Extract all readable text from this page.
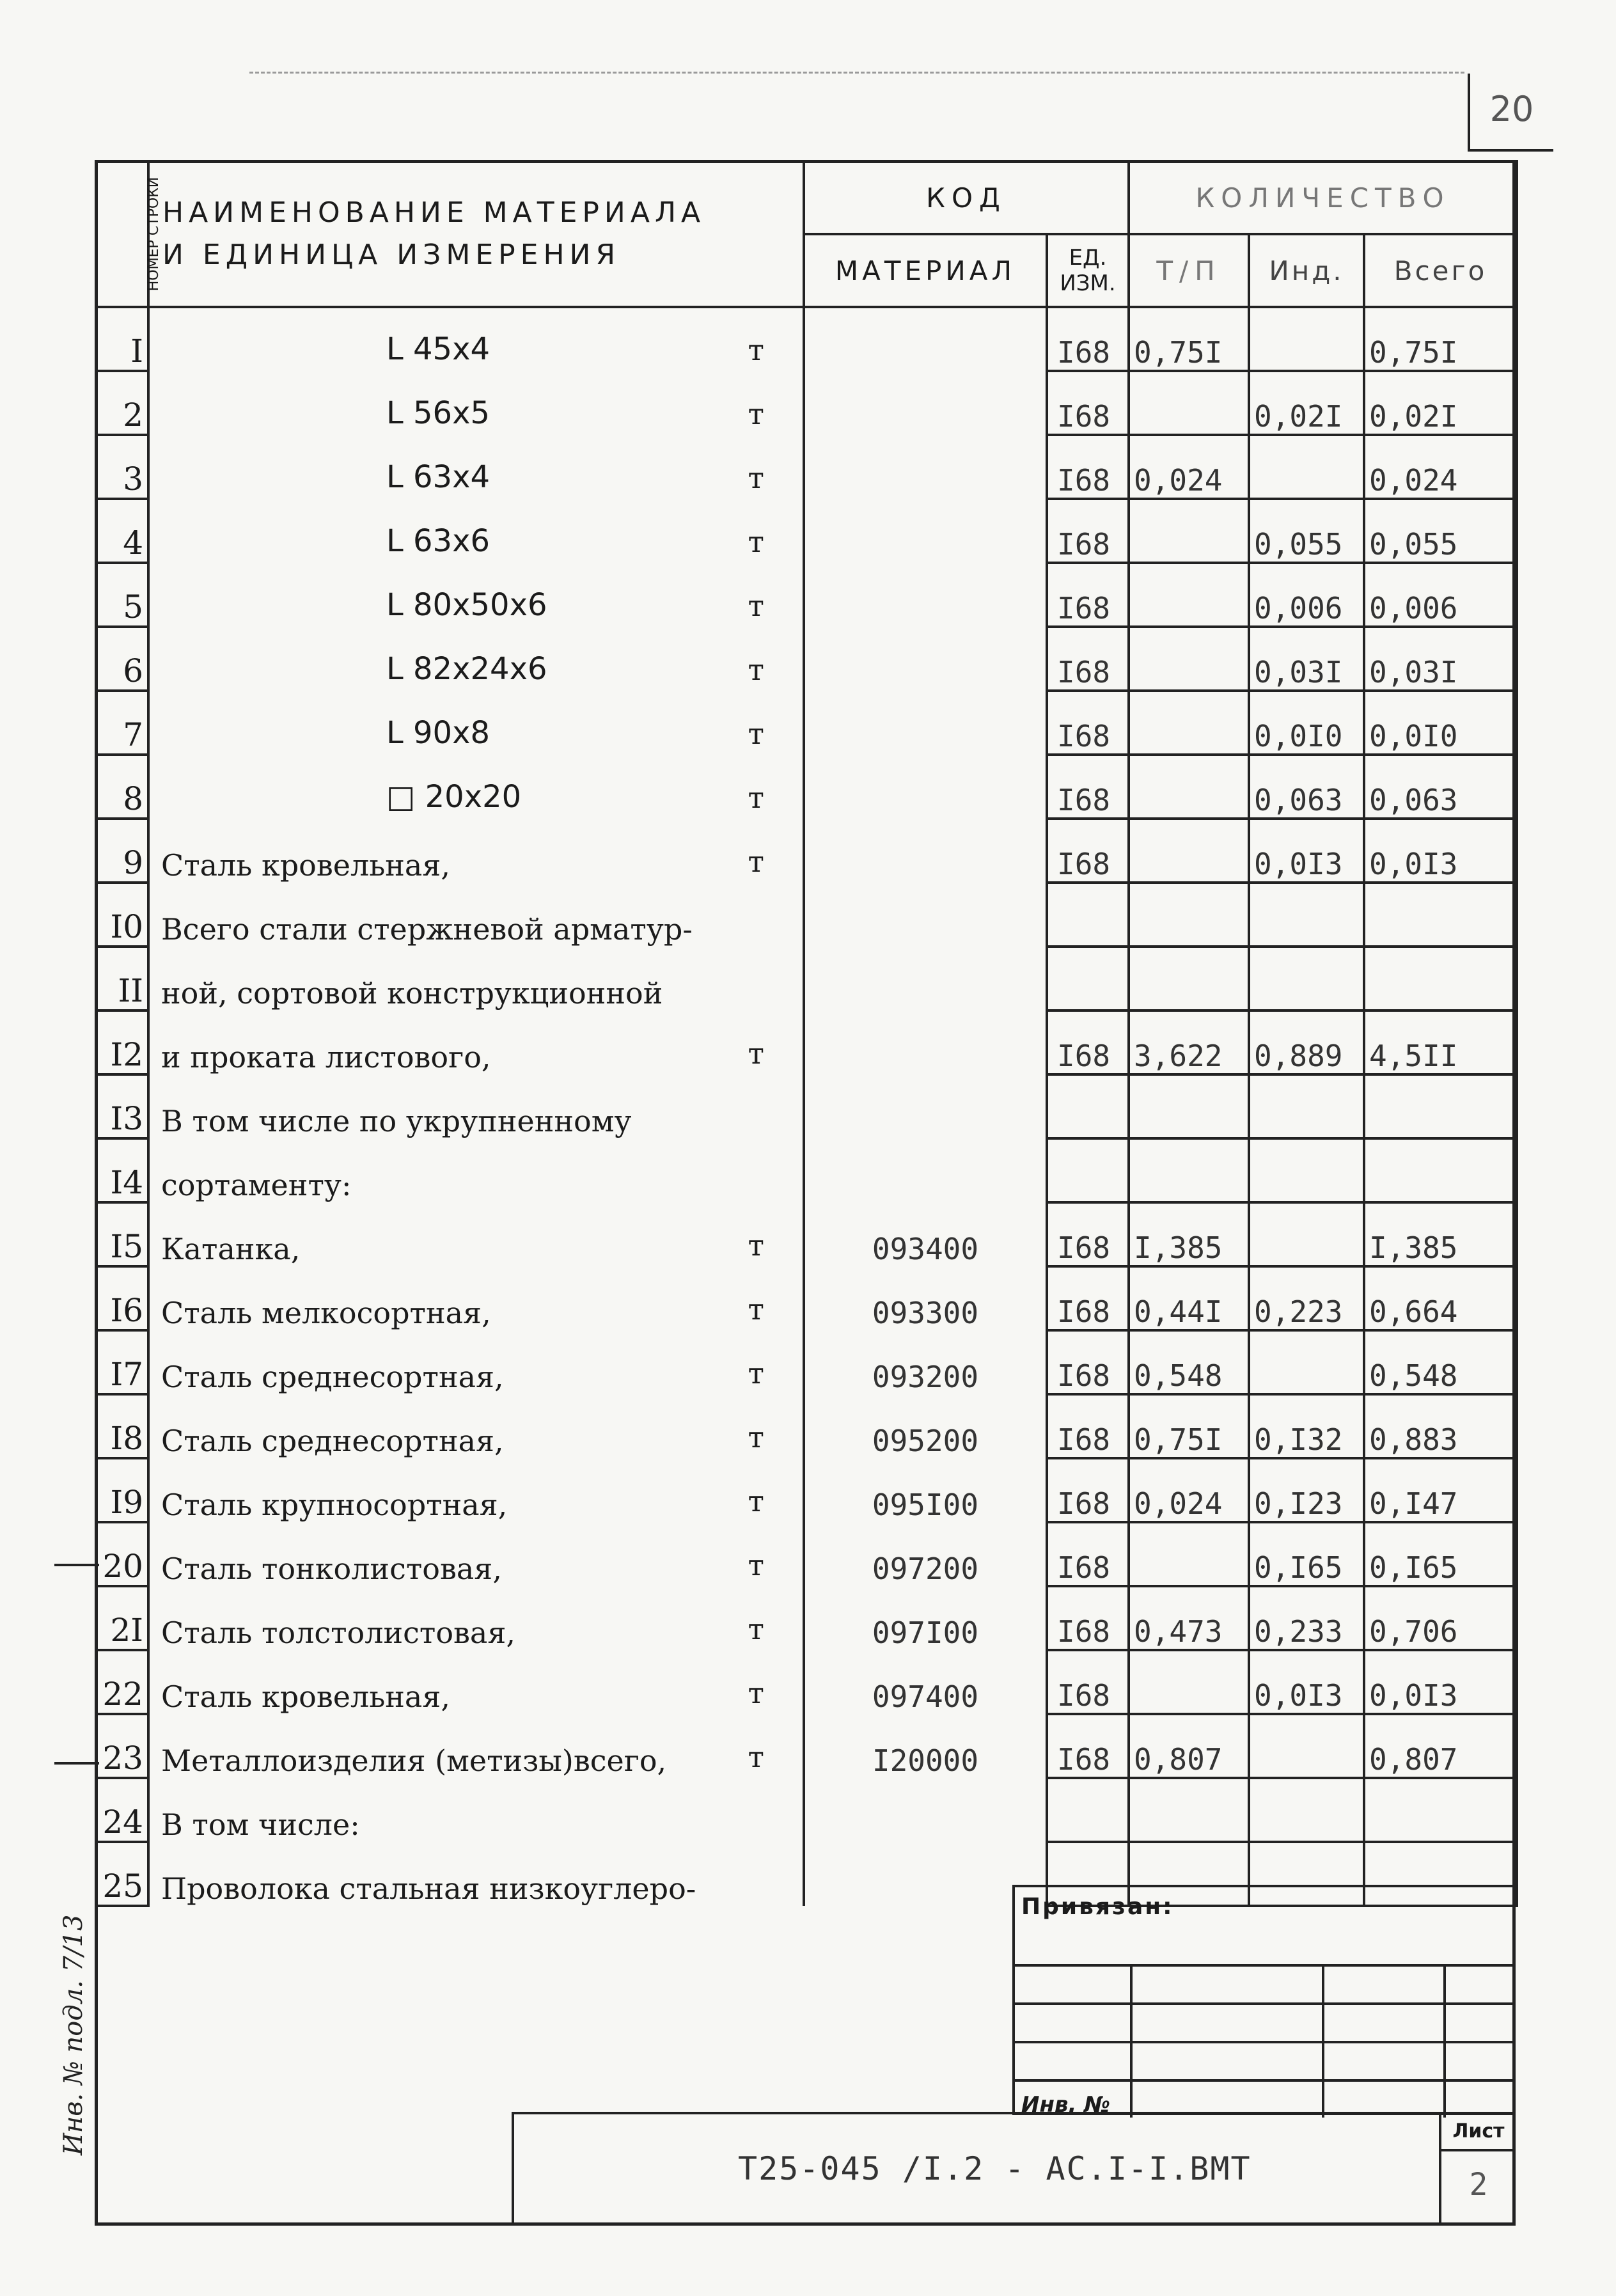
20
НОМЕР СТРОКИ	НАИМЕНОВАНИЕ МАТЕРИАЛА
И ЕДИНИЦА ИЗМЕРЕНИЯ	КОД		КОЛИЧЕСТВО		
		МАТЕРИАЛ	ЕД.
ИЗМ.	Т/П	Инд.	Всего
I	L 45x4 т		I68	0,75I		0,75I
2	L 56x5 т		I68		0,02I	0,02I
3	L 63x4 т		I68	0,024		0,024
4	L 63x6 т		I68		0,055	0,055
5	L 80x50x6 т		I68		0,006	0,006
6	L 82x24x6 т		I68		0,03I	0,03I
7	L 90x8 т		I68		0,0I0	0,0I0
8	□ 20x20 т		I68		0,063	0,063
9	Сталь кровельная, т		I68		0,0I3	0,0I3
I0	Всего стали стержневой арматур-

II	ной, сортовой конструкционной

I2	и проката листового, т		I68	3,622	0,889	4,5II
I3	В том числе по укрупненному

I4	сортаменту:

I5	Катанка, т	093400	I68	I,385		I,385
I6	Сталь мелкосортная, т	093300	I68	0,44I	0,223	0,664
I7	Сталь среднесортная, т	093200	I68	0,548		0,548
I8	Сталь среднесортная, т	095200	I68	0,75I	0,I32	0,883
I9	Сталь крупносортная, т	095I00	I68	0,024	0,I23	0,I47
20	Сталь тонколистовая, т	097200	I68		0,I65	0,I65
2I	Сталь толстолистовая, т	097I00	I68	0,473	0,233	0,706
22	Сталь кровельная, т	097400	I68		0,0I3	0,0I3
23	Металлоизделия (метизы)всего, т	I20000	I68	0,807		0,807
24	В том числе:

25	Проволока стальная низкоуглеро-

Инв. № подл. 7/13
Привязан:
Инв. №
Т25-045 /I.2 - АС.I-I.ВМТ
Лист
2
